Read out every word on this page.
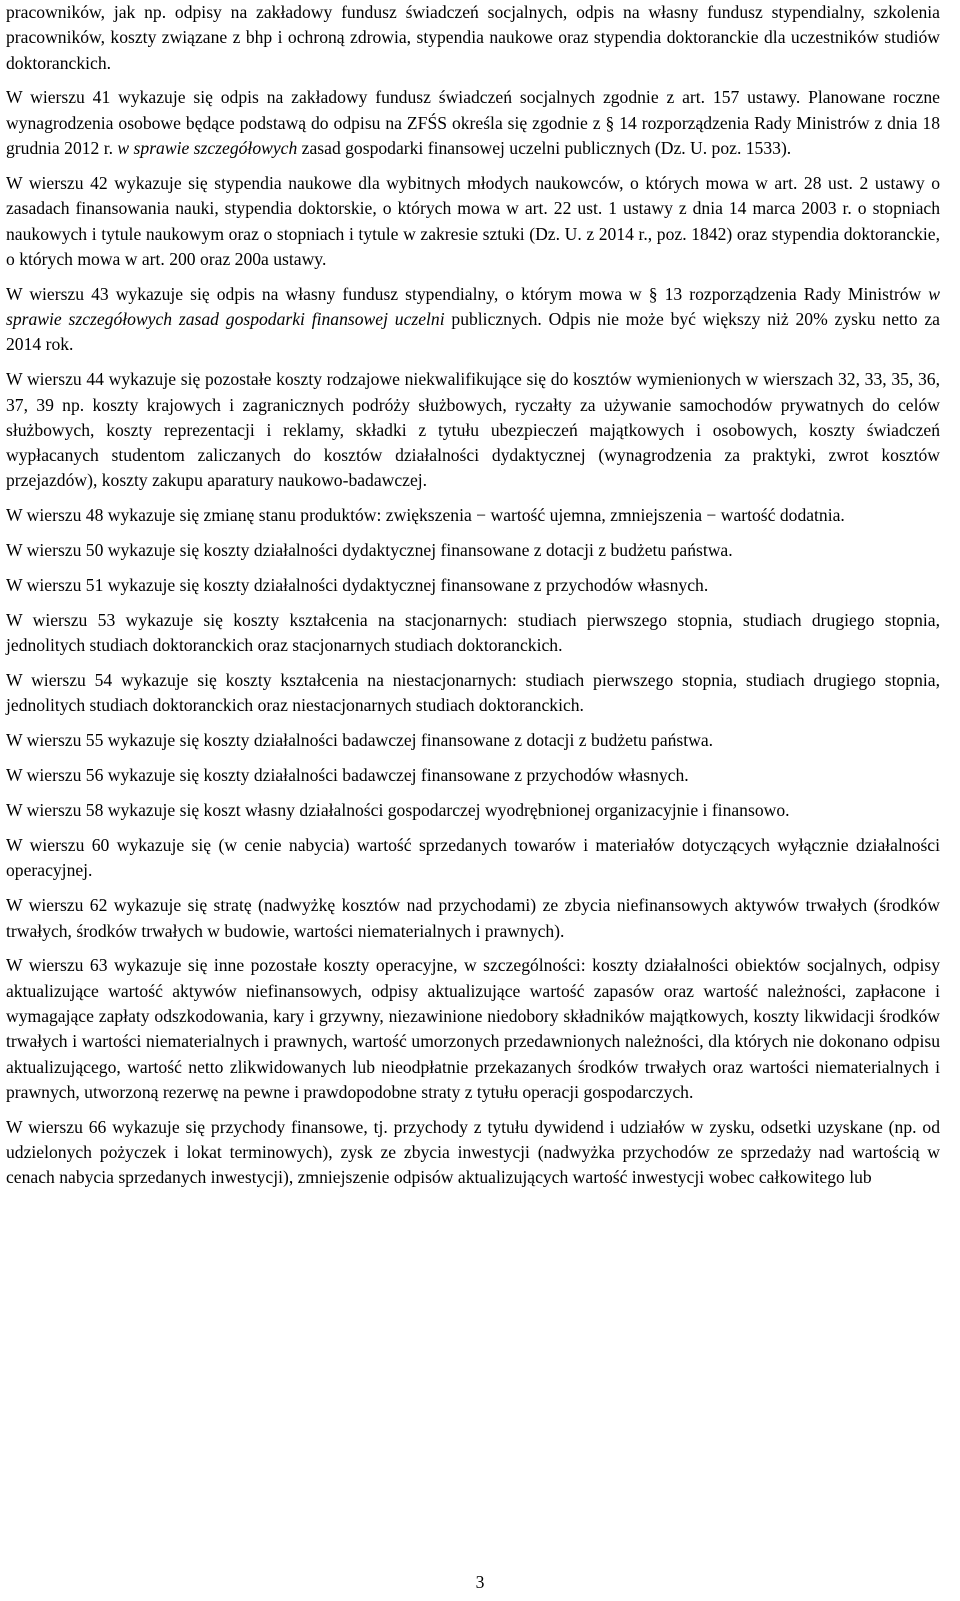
pracowników, jak np. odpisy na zakładowy fundusz świadczeń socjalnych, odpis na własny fundusz stypendialny, szkolenia pracowników, koszty związane z bhp i ochroną zdrowia, stypendia naukowe oraz stypendia doktoranckie dla uczestników studiów doktoranckich.

W wierszu 41 wykazuje się odpis na zakładowy fundusz świadczeń socjalnych zgodnie z art. 157 ustawy. Planowane roczne wynagrodzenia osobowe będące podstawą do odpisu na ZFŚS określa się zgodnie z § 14 rozporządzenia Rady Ministrów z dnia 18 grudnia 2012 r. w sprawie szczegółowych zasad gospodarki finansowej uczelni publicznych (Dz. U. poz. 1533).

W wierszu 42 wykazuje się stypendia naukowe dla wybitnych młodych naukowców, o których mowa w art. 28 ust. 2 ustawy o zasadach finansowania nauki, stypendia doktorskie, o których mowa w art. 22 ust. 1 ustawy z dnia 14 marca 2003 r. o stopniach naukowych i tytule naukowym oraz o stopniach i tytule w zakresie sztuki (Dz. U. z 2014 r., poz. 1842) oraz stypendia doktoranckie, o których mowa w art. 200 oraz 200a ustawy.

W wierszu 43 wykazuje się odpis na własny fundusz stypendialny, o którym mowa w § 13 rozporządzenia Rady Ministrów w sprawie szczegółowych zasad gospodarki finansowej uczelni publicznych. Odpis nie może być większy niż 20% zysku netto za 2014 rok.

W wierszu 44 wykazuje się pozostałe koszty rodzajowe niekwalifikujące się do kosztów wymienionych w wierszach 32, 33, 35, 36, 37, 39 np. koszty krajowych i zagranicznych podróży służbowych, ryczałty za używanie samochodów prywatnych do celów służbowych, koszty reprezentacji i reklamy, składki z tytułu ubezpieczeń majątkowych i osobowych, koszty świadczeń wypłacanych studentom zaliczanych do kosztów działalności dydaktycznej (wynagrodzenia za praktyki, zwrot kosztów przejazdów), koszty zakupu aparatury naukowo-badawczej.

W wierszu 48 wykazuje się zmianę stanu produktów: zwiększenia − wartość ujemna, zmniejszenia − wartość dodatnia.

W wierszu 50 wykazuje się koszty działalności dydaktycznej finansowane z dotacji z budżetu państwa.

W wierszu 51 wykazuje się koszty działalności dydaktycznej finansowane z przychodów własnych.

W wierszu 53 wykazuje się koszty kształcenia na stacjonarnych: studiach pierwszego stopnia, studiach drugiego stopnia, jednolitych studiach doktoranckich oraz stacjonarnych studiach doktoranckich.

W wierszu 54 wykazuje się koszty kształcenia na niestacjonarnych: studiach pierwszego stopnia, studiach drugiego stopnia, jednolitych studiach doktoranckich oraz niestacjonarnych studiach doktoranckich.

W wierszu 55 wykazuje się koszty działalności badawczej finansowane z dotacji z budżetu państwa.

W wierszu 56 wykazuje się koszty działalności badawczej finansowane z przychodów własnych.

W wierszu 58 wykazuje się koszt własny działalności gospodarczej wyodrębnionej organizacyjnie i finansowo.

W wierszu 60 wykazuje się (w cenie nabycia) wartość sprzedanych towarów i materiałów dotyczących wyłącznie działalności operacyjnej.

W wierszu 62 wykazuje się stratę (nadwyżkę kosztów nad przychodami) ze zbycia niefinansowych aktywów trwałych (środków trwałych, środków trwałych w budowie, wartości niematerialnych i prawnych).

W wierszu 63 wykazuje się inne pozostałe koszty operacyjne, w szczególności: koszty działalności obiektów socjalnych, odpisy aktualizujące wartość aktywów niefinansowych, odpisy aktualizujące wartość zapasów oraz wartość należności, zapłacone i wymagające zapłaty odszkodowania, kary i grzywny, niezawinione niedobory składników majątkowych, koszty likwidacji środków trwałych i wartości niematerialnych i prawnych, wartość umorzonych przedawnionych należności, dla których nie dokonano odpisu aktualizującego, wartość netto zlikwidowanych lub nieodpłatnie przekazanych środków trwałych oraz wartości niematerialnych i prawnych, utworzoną rezerwę na pewne i prawdopodobne straty z tytułu operacji gospodarczych.

W wierszu 66 wykazuje się przychody finansowe, tj. przychody z tytułu dywidend i udziałów w zysku, odsetki uzyskane (np. od udzielonych pożyczek i lokat terminowych), zysk ze zbycia inwestycji (nadwyżka przychodów ze sprzedaży nad wartością w cenach nabycia sprzedanych inwestycji), zmniejszenie odpisów aktualizujących wartość inwestycji wobec całkowitego lub

3
